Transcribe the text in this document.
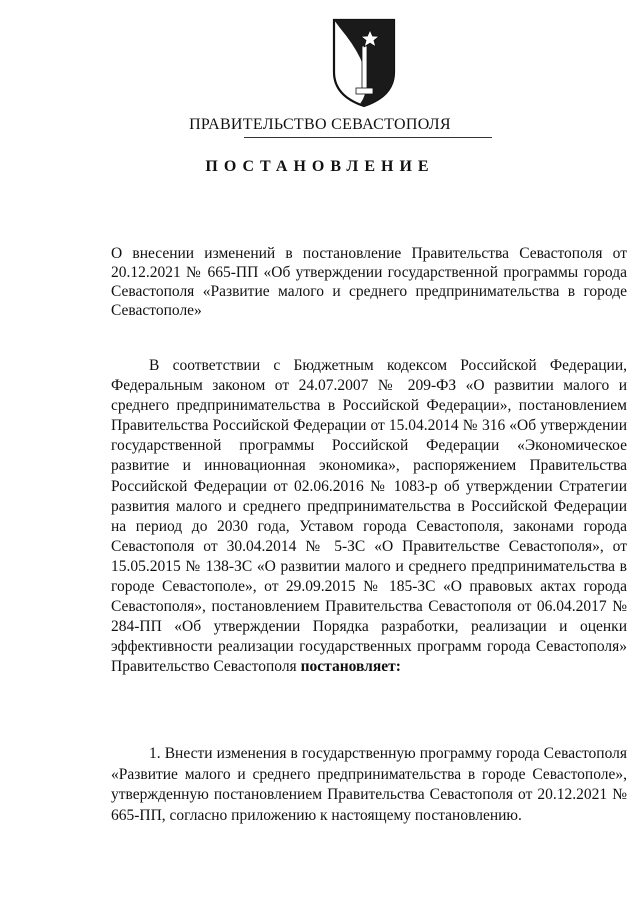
ПРАВИТЕЛЬСТВО СЕВАСТОПОЛЯ
ПОСТАНОВЛЕНИЕ
О внесении изменений в постановление Правительства Севастополя от 20.12.2021 № 665-ПП «Об утверждении государственной программы города Севастополя «Развитие малого и среднего предпринимательства в городе Севастополе»
В соответствии с Бюджетным кодексом Российской Федерации, Федеральным законом от 24.07.2007 № 209-ФЗ «О развитии малого и среднего предпринимательства в Российской Федерации», постановлением Правительства Российской Федерации от 15.04.2014 № 316 «Об утверждении государственной программы Российской Федерации «Экономическое развитие и инновационная экономика», распоряжением Правительства Российской Федерации от 02.06.2016 № 1083-р об утверждении Стратегии развития малого и среднего предпринимательства в Российской Федерации на период до 2030 года, Уставом города Севастополя, законами города Севастополя от 30.04.2014 № 5-ЗС «О Правительстве Севастополя», от 15.05.2015 № 138-ЗС «О развитии малого и среднего предпринимательства в городе Севастополе», от 29.09.2015 № 185-ЗС «О правовых актах города Севастополя», постановлением Правительства Севастополя от 06.04.2017 № 284-ПП «Об утверждении Порядка разработки, реализации и оценки эффективности реализации государственных программ города Севастополя» Правительство Севастополя постановляет:
1. Внести изменения в государственную программу города Севастополя «Развитие малого и среднего предпринимательства в городе Севастополе», утвержденную постановлением Правительства Севастополя от 20.12.2021 № 665-ПП, согласно приложению к настоящему постановлению.
